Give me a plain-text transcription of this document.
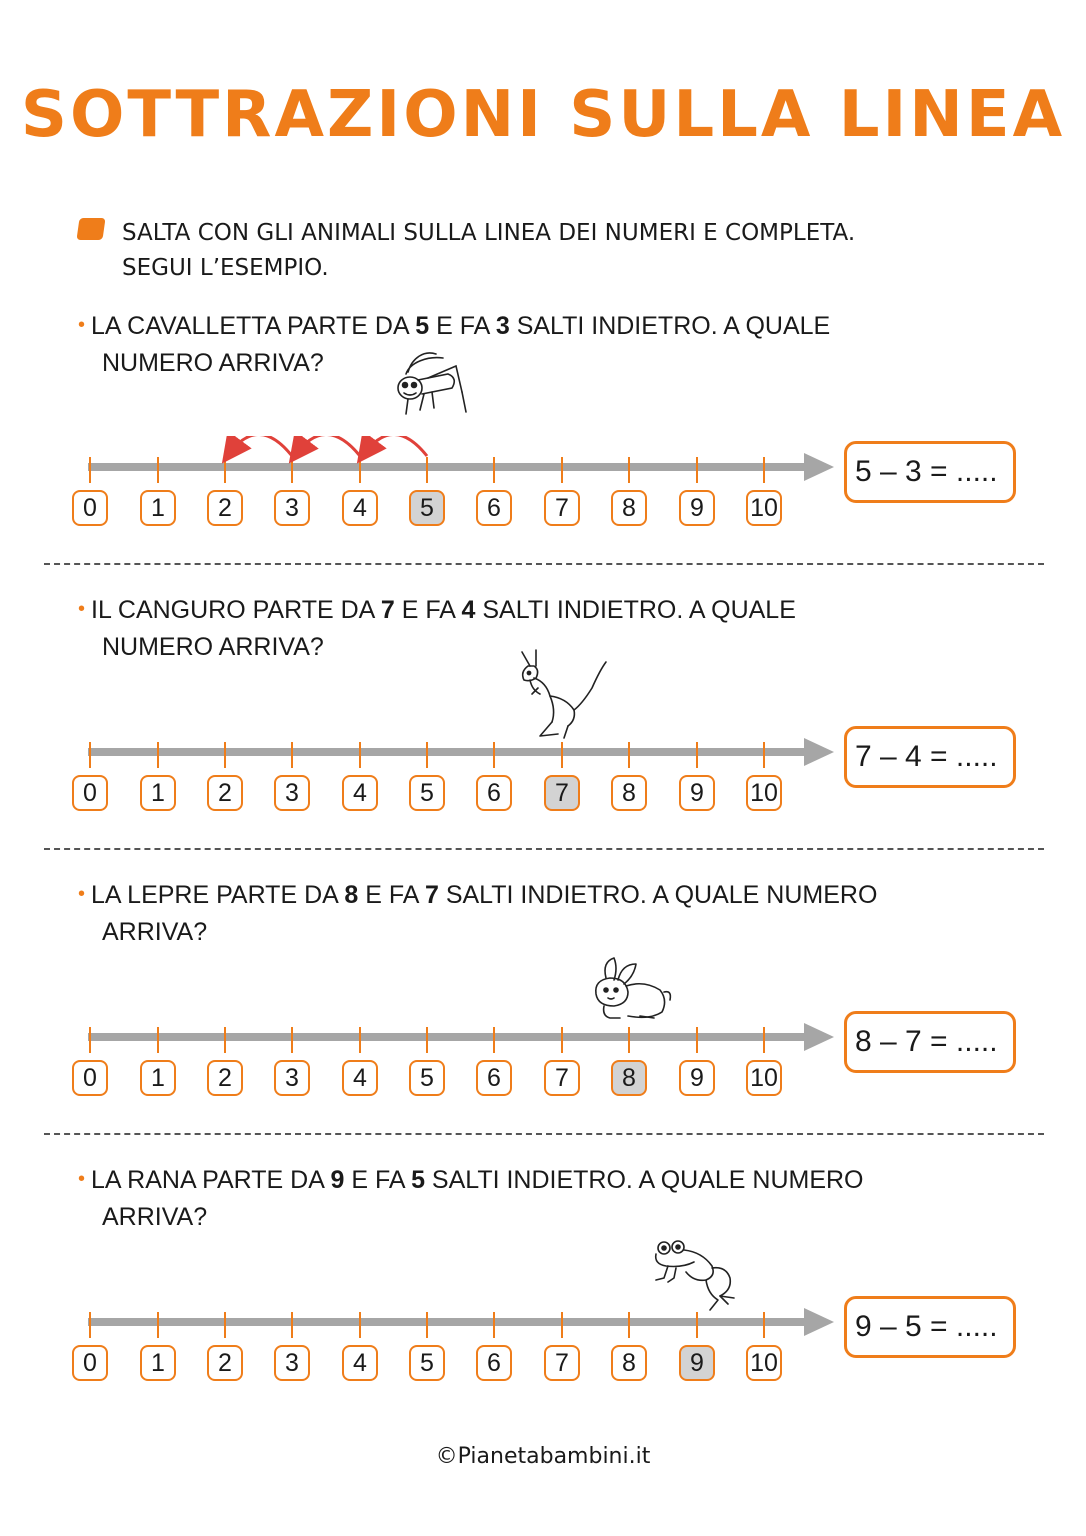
SOTTRAZIONI SULLA LINEA
SALTA CON GLI ANIMALI SULLA LINEA DEI NUMERI E COMPLETA.
SEGUI L’ESEMPIO.
• LA CAVALLETTA PARTE DA 5 E FA 3 SALTI INDIETRO. A QUALE
NUMERO ARRIVA?
0	1	2	3	4	5	6	7	8	9	10
5 – 3 = .....
• IL CANGURO PARTE DA 7 E FA 4 SALTI INDIETRO. A QUALE
NUMERO ARRIVA?
0	1	2	3	4	5	6	7	8	9	10
7 – 4 = .....
• LA LEPRE PARTE DA 8 E FA 7 SALTI INDIETRO. A QUALE NUMERO
ARRIVA?
0	1	2	3	4	5	6	7	8	9	10
8 – 7 = .....
• LA RANA PARTE DA 9 E FA 5 SALTI INDIETRO. A QUALE NUMERO
ARRIVA?
0	1	2	3	4	5	6	7	8	9	10
9 – 5 = .....
©Pianetabambini.it
